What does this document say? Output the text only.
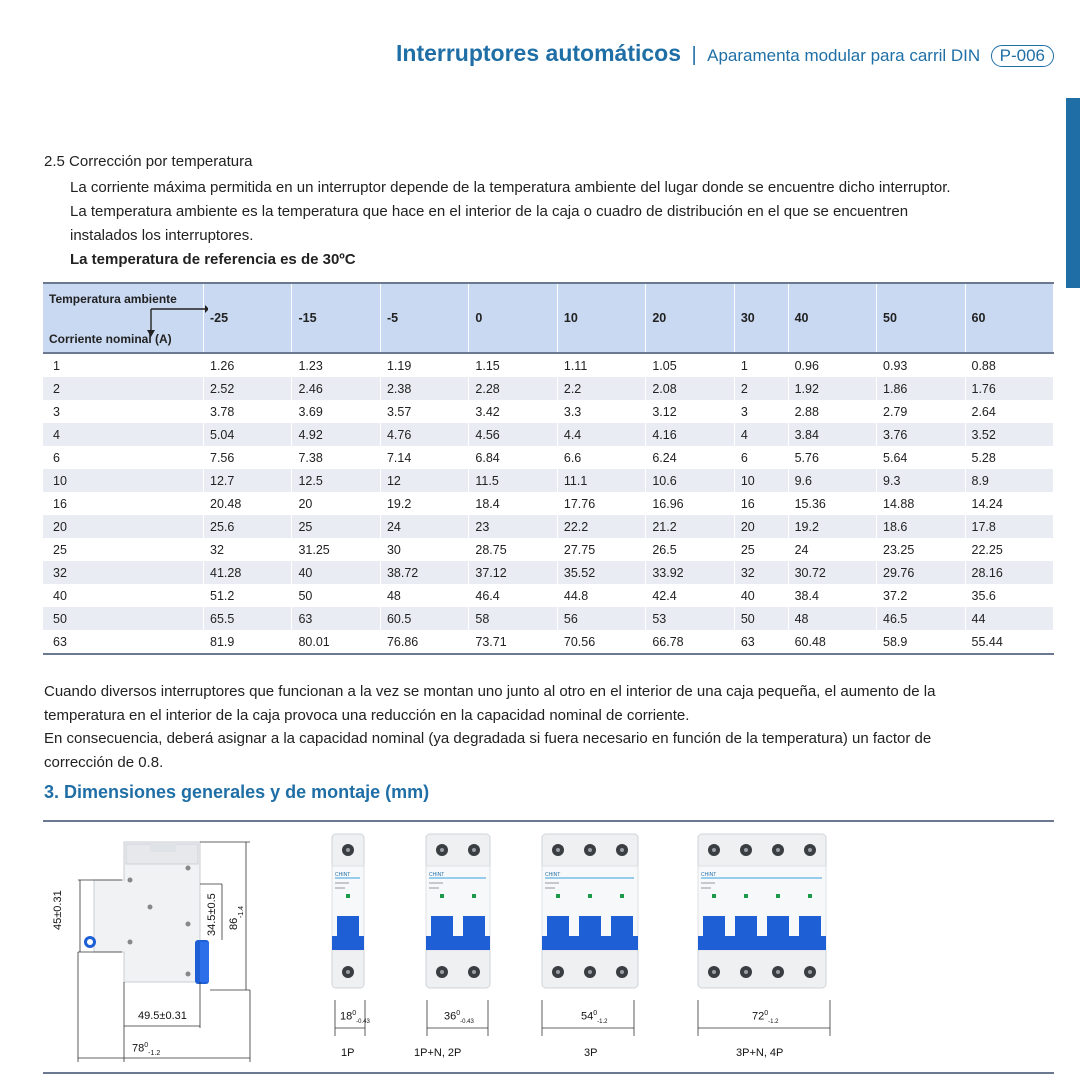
Interruptores automáticos | Aparamenta modular para carril DIN P-006
2.5 Corrección por temperatura
La corriente máxima permitida en un interruptor depende de la temperatura ambiente del lugar donde se encuentre dicho interruptor.
La temperatura ambiente es la temperatura que hace en el interior de la caja o cuadro de distribución en el que se encuentren
instalados los interruptores.
La temperatura de referencia es de 30ºC
Temperatura ambiente
Corriente nominal (A)	-25	-15	-5	0	10	20	30	40	50	60
1	1.26	1.23	1.19	1.15	1.11	1.05	1	0.96	0.93	0.88
2	2.52	2.46	2.38	2.28	2.2	2.08	2	1.92	1.86	1.76
3	3.78	3.69	3.57	3.42	3.3	3.12	3	2.88	2.79	2.64
4	5.04	4.92	4.76	4.56	4.4	4.16	4	3.84	3.76	3.52
6	7.56	7.38	7.14	6.84	6.6	6.24	6	5.76	5.64	5.28
10	12.7	12.5	12	11.5	11.1	10.6	10	9.6	9.3	8.9
16	20.48	20	19.2	18.4	17.76	16.96	16	15.36	14.88	14.24
20	25.6	25	24	23	22.2	21.2	20	19.2	18.6	17.8
25	32	31.25	30	28.75	27.75	26.5	25	24	23.25	22.25
32	41.28	40	38.72	37.12	35.52	33.92	32	30.72	29.76	28.16
40	51.2	50	48	46.4	44.8	42.4	40	38.4	37.2	35.6
50	65.5	63	60.5	58	56	53	50	48	46.5	44
63	81.9	80.01	76.86	73.71	70.56	66.78	63	60.48	58.9	55.44
Cuando diversos interruptores que funcionan a la vez se montan uno junto al otro en el interior de una caja pequeña, el aumento de la
temperatura en el interior de la caja provoca una reducción en la capacidad nominal de corriente.
En consecuencia, deberá asignar a la capacidad nominal (ya degradada si fuera necesario en función de la temperatura) un factor de
corrección de 0.8.
3. Dimensiones generales y de montaje (mm)
45±0.31	34.5±0.5 86
-1.4
49.5±0.31
$78^0_{-1.2}$
CHINT	CHINT	CHINT	CHINT
$18^0_{-0.43}$	$36^0_{-0.43}$	$54^0_{-1.2}$	$72^0_{-1.2}$
1P	1P+N, 2P	3P	3P+N, 4P
